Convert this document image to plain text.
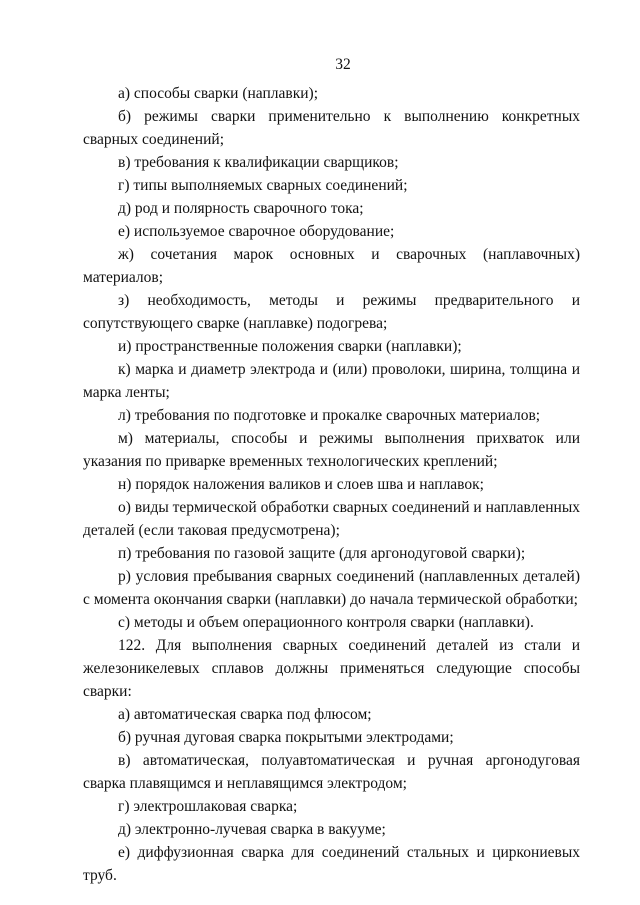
32

а) способы сварки (наплавки);

б) режимы сварки применительно к выполнению конкретных сварных соединений;

в) требования к квалификации сварщиков;

г) типы выполняемых сварных соединений;

д) род и полярность сварочного тока;

е) используемое сварочное оборудование;

ж) сочетания марок основных и сварочных (наплавочных) материалов;

з) необходимость, методы и режимы предварительного и сопутствующего сварке (наплавке) подогрева;

и) пространственные положения сварки (наплавки);

к) марка и диаметр электрода и (или) проволоки, ширина, толщина и марка ленты;

л) требования по подготовке и прокалке сварочных материалов;

м) материалы, способы и режимы выполнения прихваток или указания по приварке временных технологических креплений;

н) порядок наложения валиков и слоев шва и наплавок;

о) виды термической обработки сварных соединений и наплавленных деталей (если таковая предусмотрена);

п) требования по газовой защите (для аргонодуговой сварки);

р) условия пребывания сварных соединений (наплавленных деталей) с момента окончания сварки (наплавки) до начала термической обработки;

с) методы и объем операционного контроля сварки (наплавки).

122. Для выполнения сварных соединений деталей из стали и железоникелевых сплавов должны применяться следующие способы сварки:

а) автоматическая сварка под флюсом;

б) ручная дуговая сварка покрытыми электродами;

в) автоматическая, полуавтоматическая и ручная аргонодуговая сварка плавящимся и неплавящимся электродом;

г) электрошлаковая сварка;

д) электронно-лучевая сварка в вакууме;

е) диффузионная сварка для соединений стальных и циркониевых труб.
